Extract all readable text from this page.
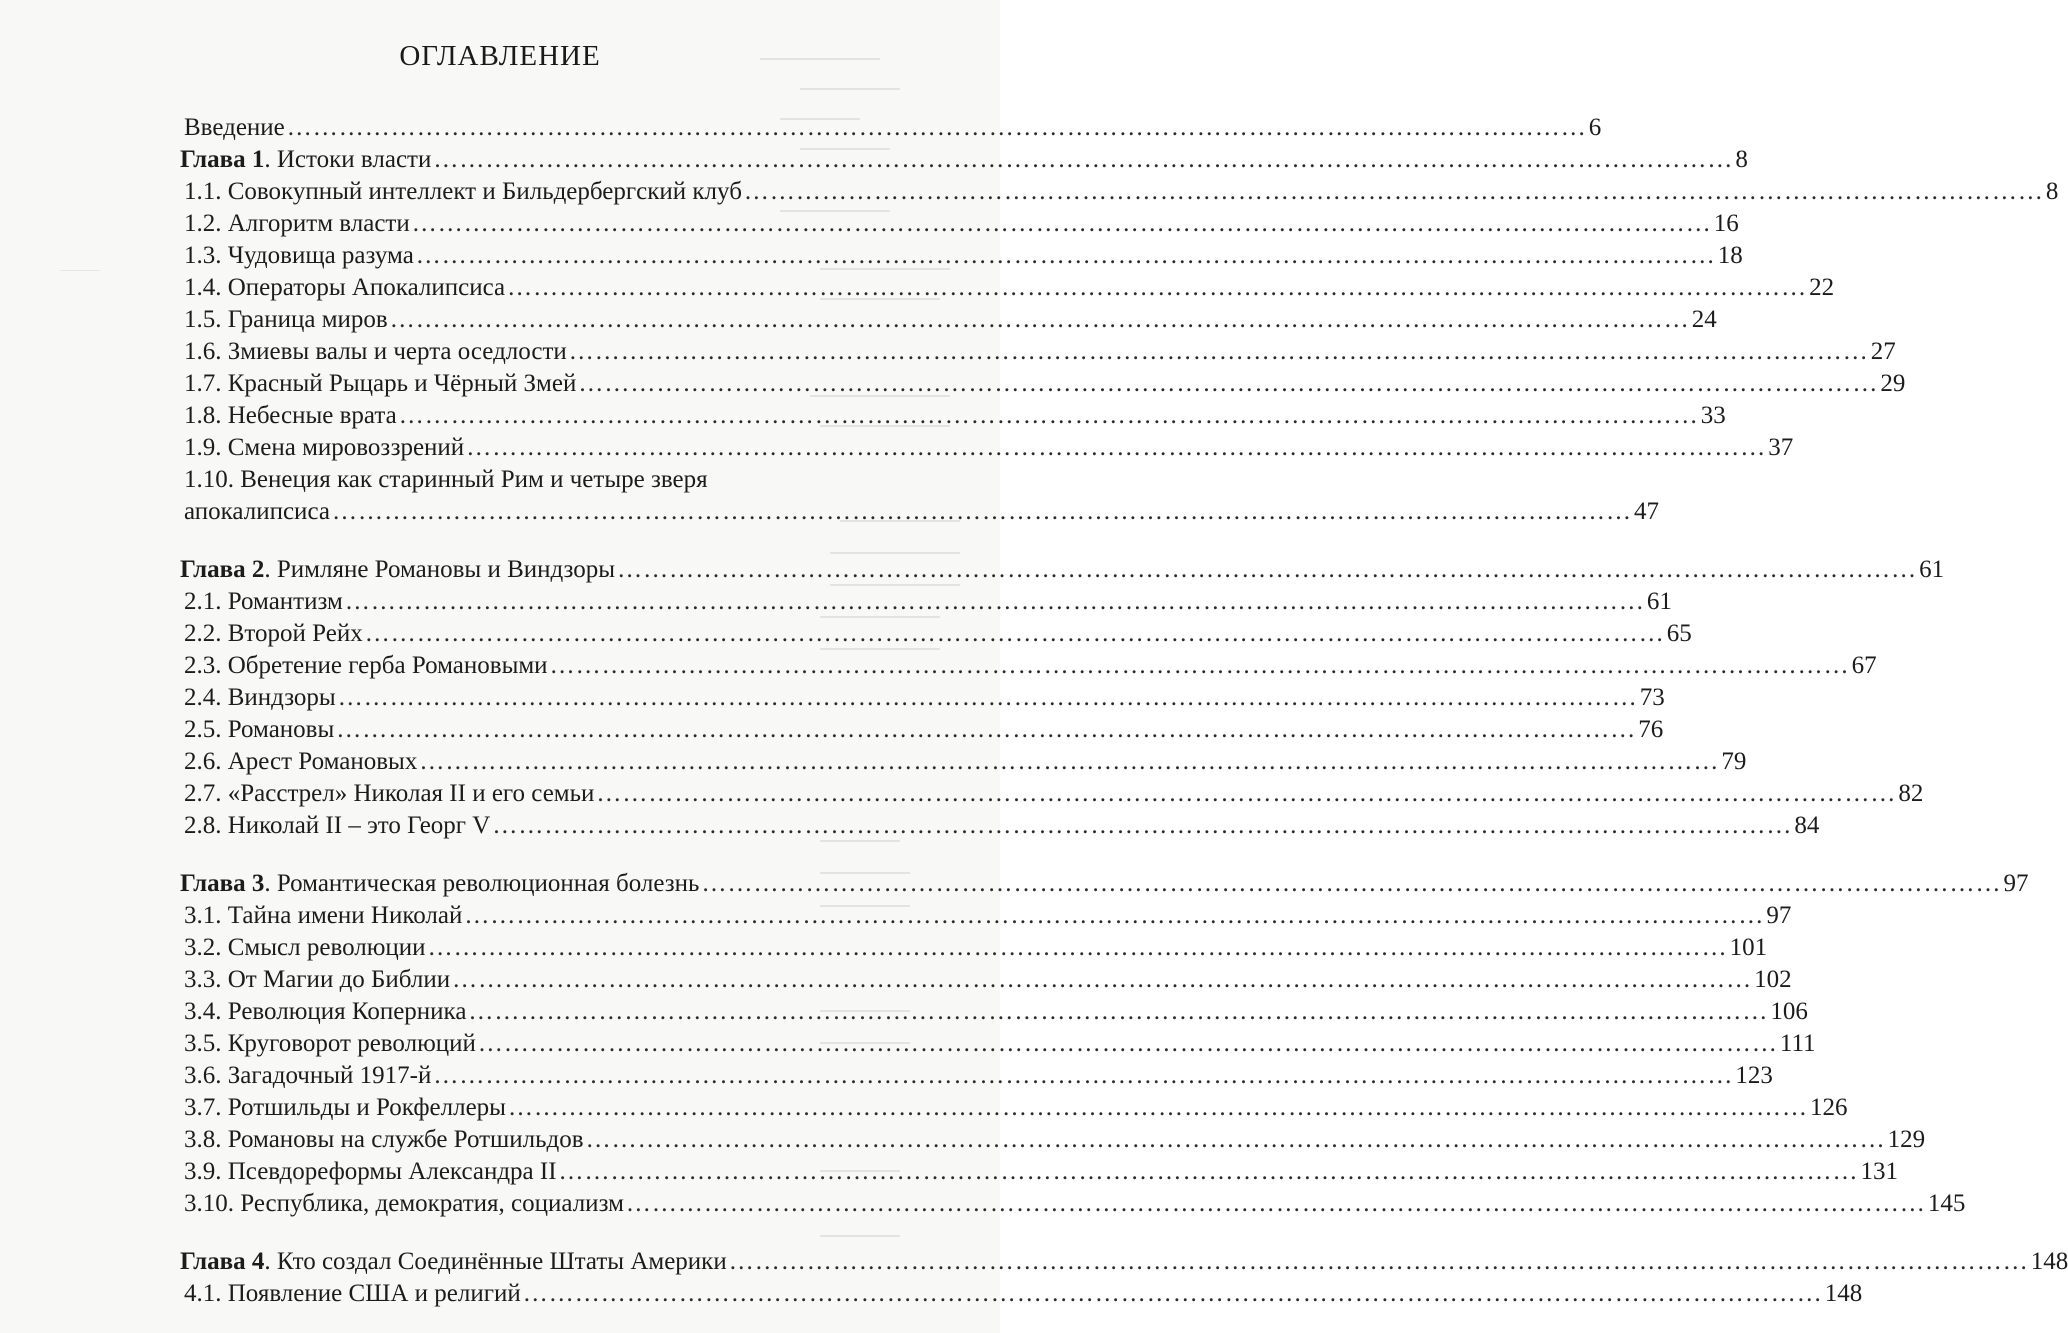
ОГЛАВЛЕНИЕ
Введение …………………………………………………………………………………………………………………………………… 6
Глава 1. Истоки власти …………………………………………………………………………………………………………………………………… 8
1.1. Совокупный интеллект и Бильдербергский клуб …………………………………………………………………………………………………………………………………… 8
1.2. Алгоритм власти …………………………………………………………………………………………………………………………………… 16
1.3. Чудовища разума …………………………………………………………………………………………………………………………………… 18
1.4. Операторы Апокалипсиса …………………………………………………………………………………………………………………………………… 22
1.5. Граница миров …………………………………………………………………………………………………………………………………… 24
1.6. Змиевы валы и черта оседлости …………………………………………………………………………………………………………………………………… 27
1.7. Красный Рыцарь и Чёрный Змей …………………………………………………………………………………………………………………………………… 29
1.8. Небесные врата …………………………………………………………………………………………………………………………………… 33
1.9. Смена мировоззрений …………………………………………………………………………………………………………………………………… 37
1.10. Венеция как старинный Рим и четыре зверя
апокалипсиса …………………………………………………………………………………………………………………………………… 47
Глава 2. Римляне Романовы и Виндзоры …………………………………………………………………………………………………………………………………… 61
2.1. Романтизм …………………………………………………………………………………………………………………………………… 61
2.2. Второй Рейх …………………………………………………………………………………………………………………………………… 65
2.3. Обретение герба Романовыми …………………………………………………………………………………………………………………………………… 67
2.4. Виндзоры …………………………………………………………………………………………………………………………………… 73
2.5. Романовы …………………………………………………………………………………………………………………………………… 76
2.6. Арест Романовых …………………………………………………………………………………………………………………………………… 79
2.7. «Расстрел» Николая II и его семьи …………………………………………………………………………………………………………………………………… 82
2.8. Николай II – это Георг V …………………………………………………………………………………………………………………………………… 84
Глава 3. Романтическая революционная болезнь …………………………………………………………………………………………………………………………………… 97
3.1. Тайна имени Николай …………………………………………………………………………………………………………………………………… 97
3.2. Смысл революции …………………………………………………………………………………………………………………………………… 101
3.3. От Магии до Библии …………………………………………………………………………………………………………………………………… 102
3.4. Революция Коперника …………………………………………………………………………………………………………………………………… 106
3.5. Круговорот революций …………………………………………………………………………………………………………………………………… 111
3.6. Загадочный 1917-й …………………………………………………………………………………………………………………………………… 123
3.7. Ротшильды и Рокфеллеры …………………………………………………………………………………………………………………………………… 126
3.8. Романовы на службе Ротшильдов …………………………………………………………………………………………………………………………………… 129
3.9. Псевдореформы Александра II …………………………………………………………………………………………………………………………………… 131
3.10. Республика, демократия, социализм …………………………………………………………………………………………………………………………………… 145
Глава 4. Кто создал Соединённые Штаты Америки …………………………………………………………………………………………………………………………………… 148
4.1. Появление США и религий …………………………………………………………………………………………………………………………………… 148
